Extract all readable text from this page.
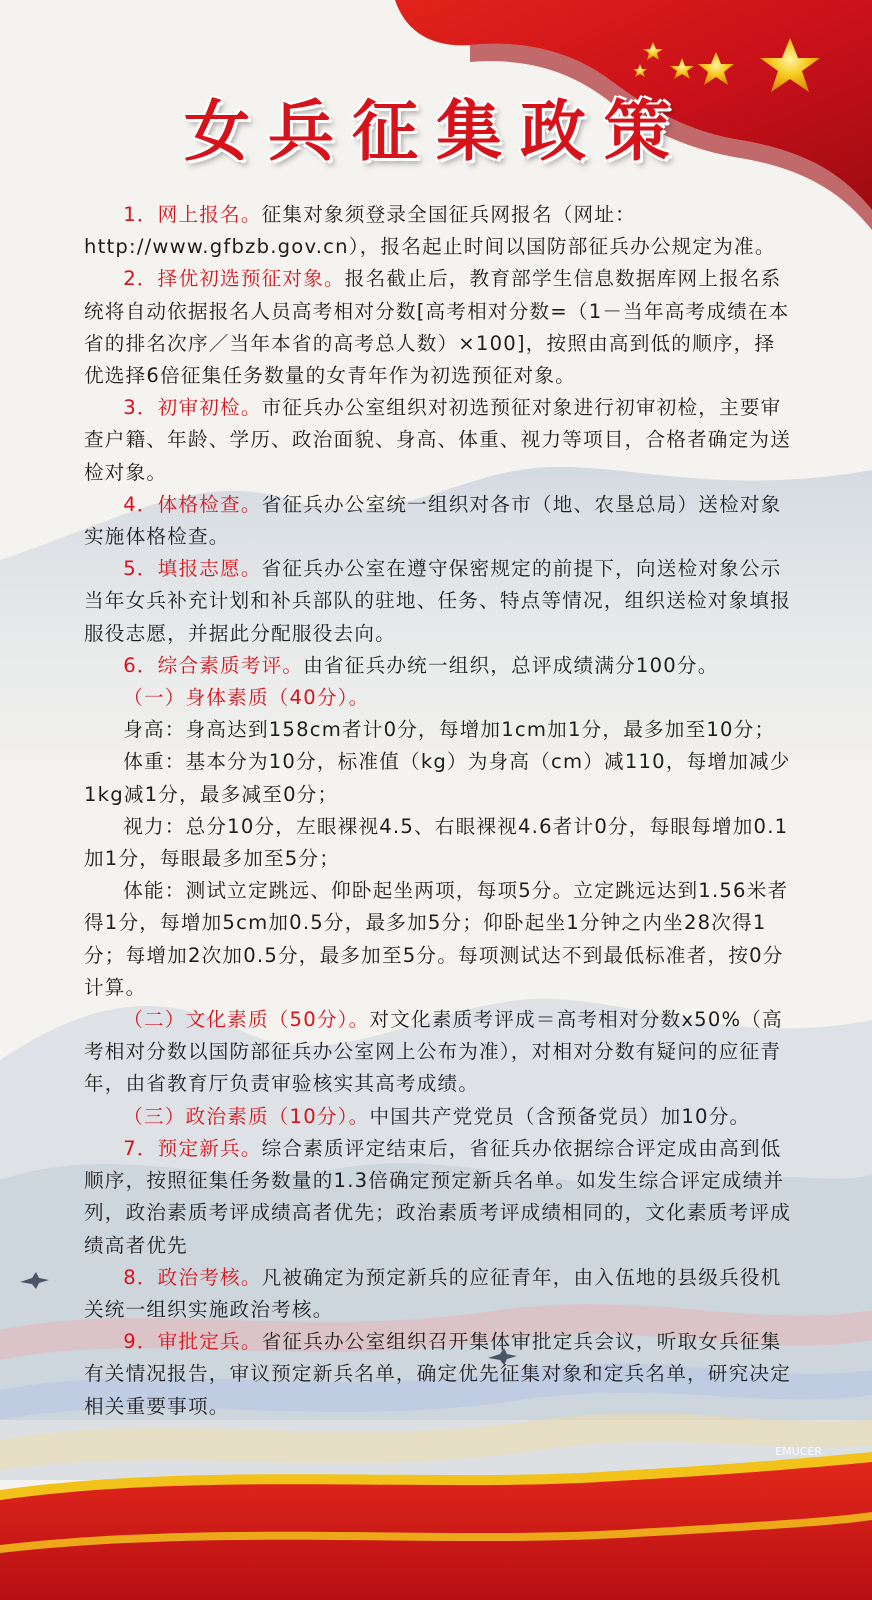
女兵征集政策

1．网上报名。征集对象须登录全国征兵网报名（网址：http://www.gfbzb.gov.cn），报名起止时间以国防部征兵办公规定为准。

2．择优初选预征对象。报名截止后，教育部学生信息数据库网上报名系统将自动依据报名人员高考相对分数[高考相对分数=（1－当年高考成绩在本省的排名次序／当年本省的高考总人数）×100]，按照由高到低的顺序，择优选择6倍征集任务数量的女青年作为初选预征对象。

3．初审初检。市征兵办公室组织对初选预征对象进行初审初检，主要审查户籍、年龄、学历、政治面貌、身高、体重、视力等项目，合格者确定为送检对象。

4．体格检查。省征兵办公室统一组织对各市（地、农垦总局）送检对象实施体格检查。

5．填报志愿。省征兵办公室在遵守保密规定的前提下，向送检对象公示当年女兵补充计划和补兵部队的驻地、任务、特点等情况，组织送检对象填报服役志愿，并据此分配服役去向。

6．综合素质考评。由省征兵办统一组织，总评成绩满分100分。

（一）身体素质（40分）。

身高：身高达到158cm者计0分，每增加1cm加1分，最多加至10分；

体重：基本分为10分，标准值（kg）为身高（cm）减110，每增加减少1kg减1分，最多减至0分；

视力：总分10分，左眼裸视4.5、右眼裸视4.6者计0分，每眼每增加0.1加1分，每眼最多加至5分；

体能：测试立定跳远、仰卧起坐两项，每项5分。立定跳远达到1.56米者得1分，每增加5cm加0.5分，最多加5分；仰卧起坐1分钟之内坐28次得1分；每增加2次加0.5分，最多加至5分。每项测试达不到最低标准者，按0分计算。

（二）文化素质（50分）。对文化素质考评成＝高考相对分数x50%（高考相对分数以国防部征兵办公室网上公布为准），对相对分数有疑问的应征青年，由省教育厅负责审验核实其高考成绩。

（三）政治素质（10分）。中国共产党党员（含预备党员）加10分。

7．预定新兵。综合素质评定结束后，省征兵办依据综合评定成由高到低顺序，按照征集任务数量的1.3倍确定预定新兵名单。如发生综合评定成绩并列，政治素质考评成绩高者优先；政治素质考评成绩相同的，文化素质考评成绩高者优先

8．政治考核。凡被确定为预定新兵的应征青年，由入伍地的县级兵役机关统一组织实施政治考核。

9．审批定兵。省征兵办公室组织召开集体审批定兵会议，听取女兵征集有关情况报告，审议预定新兵名单，确定优先征集对象和定兵名单，研究决定相关重要事项。

EMUCER
